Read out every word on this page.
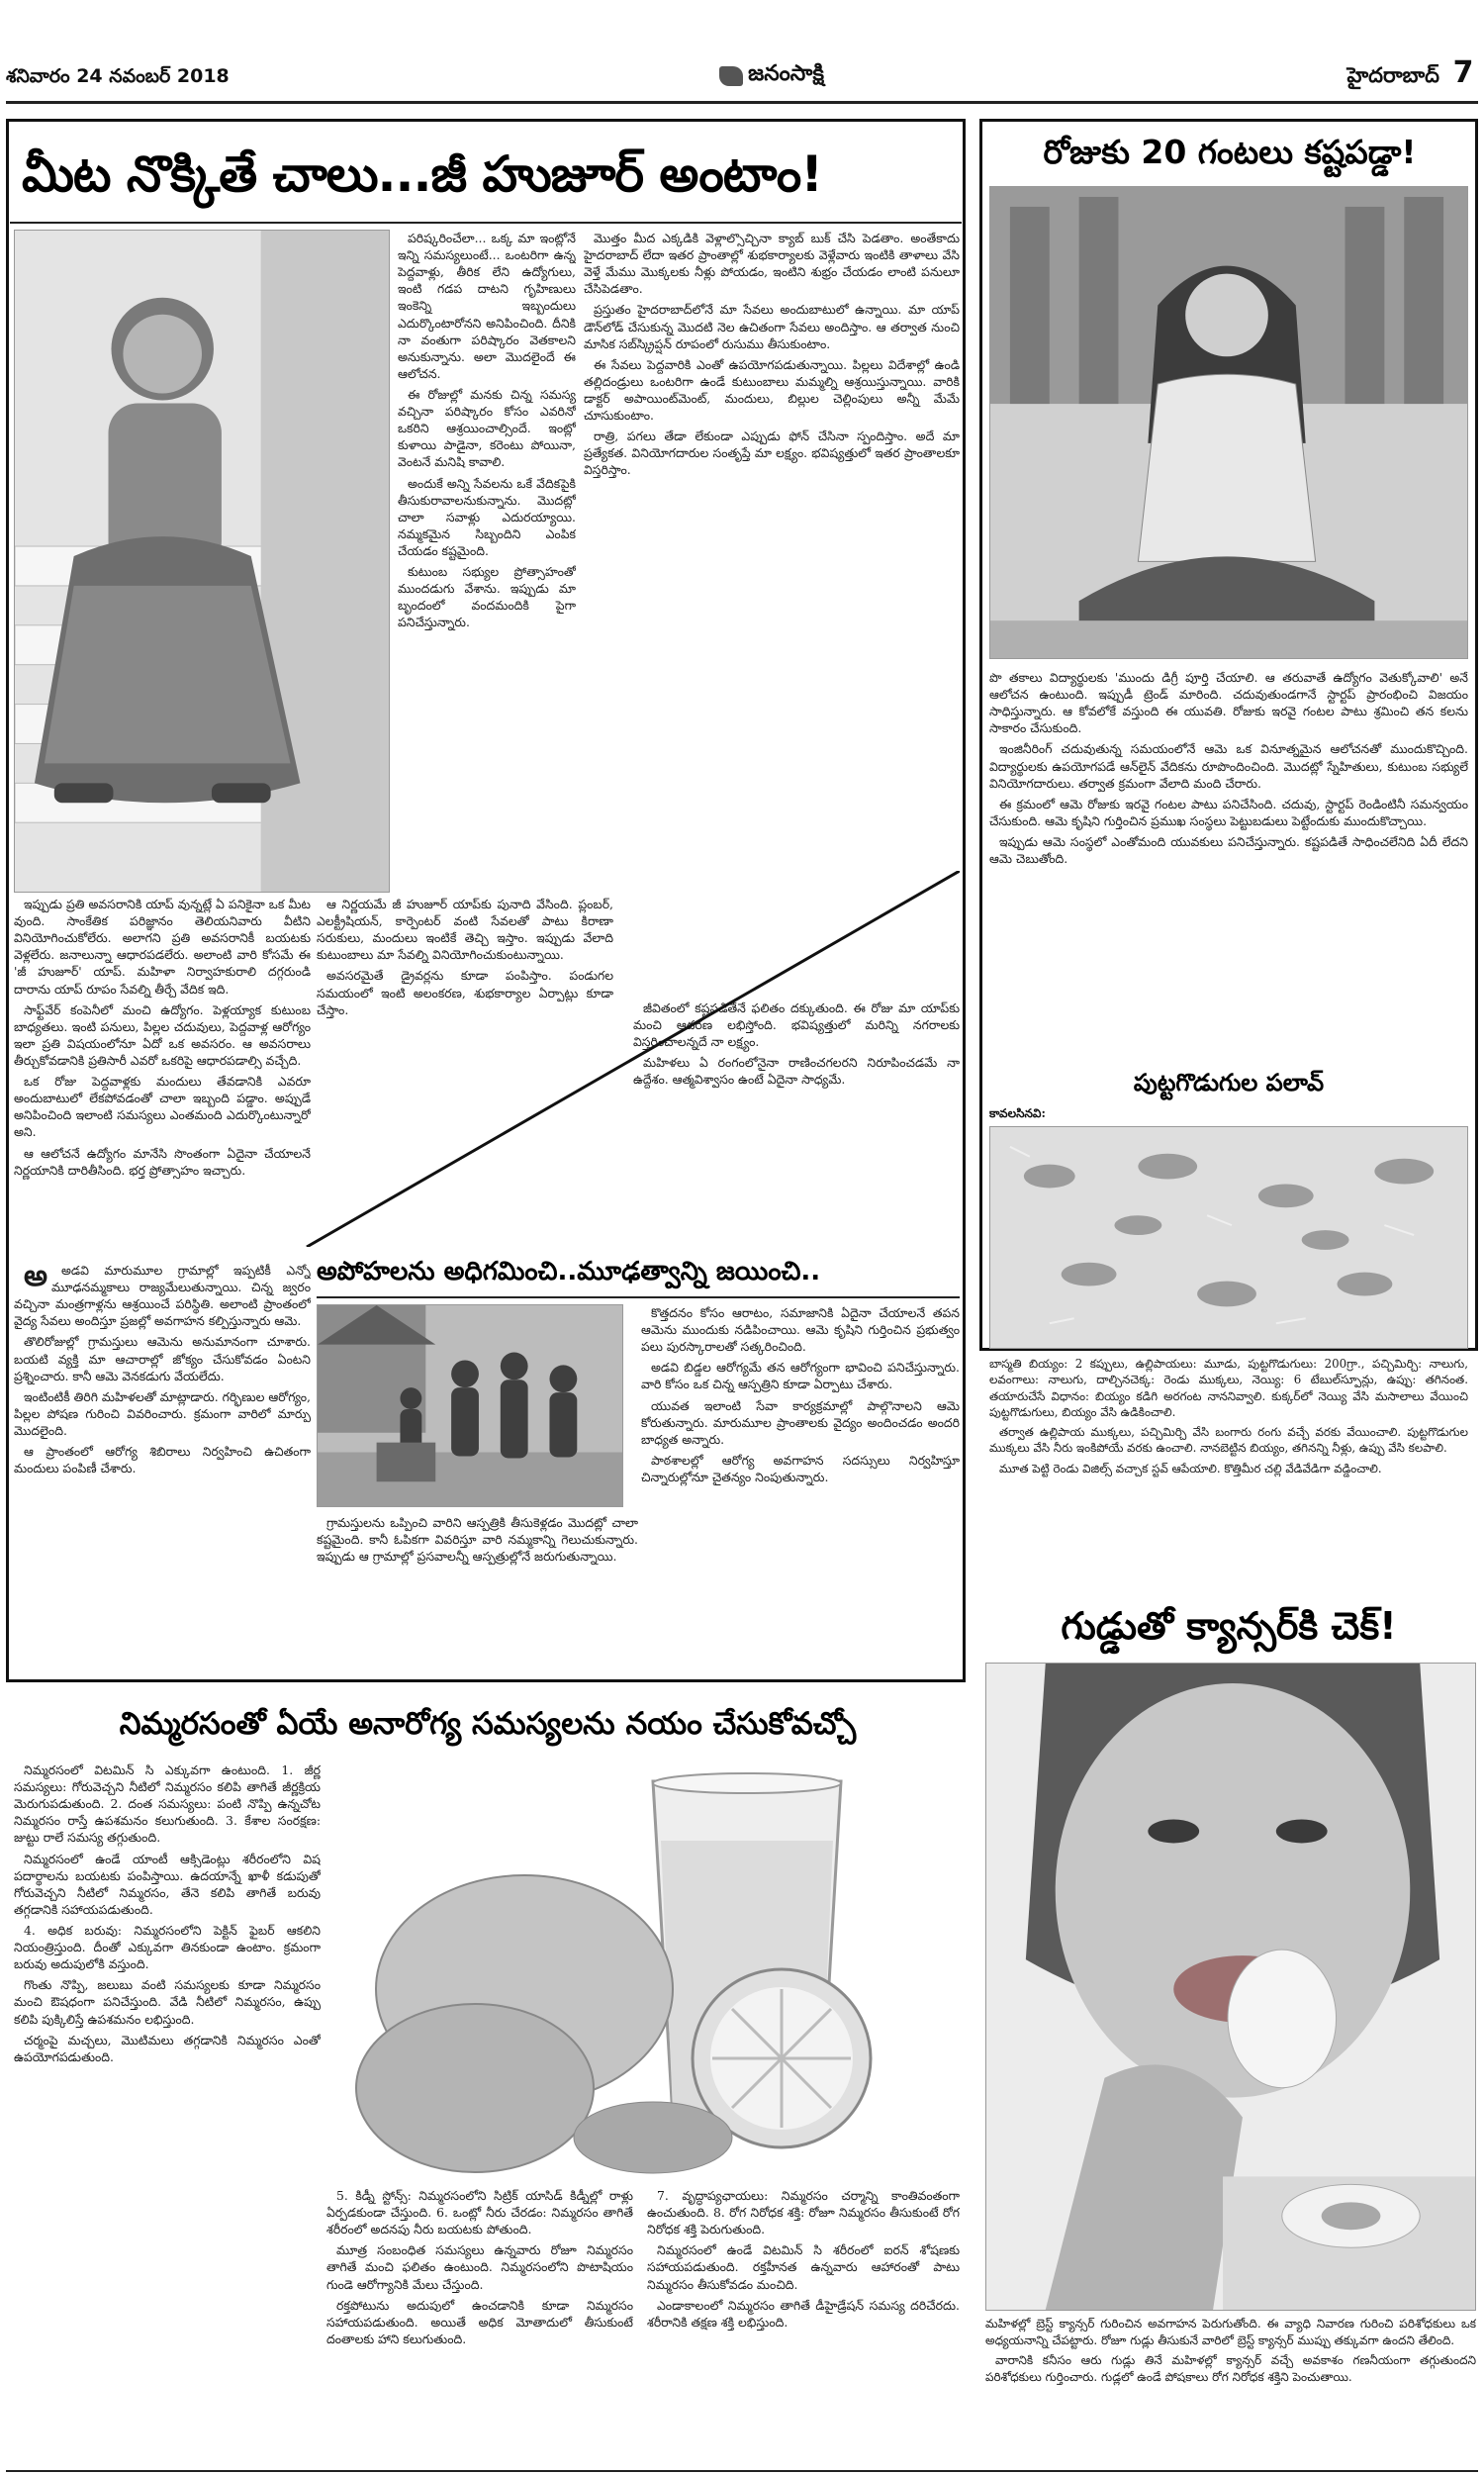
శనివారం 24 నవంబర్ 2018	జనంసాక్షి	హైదరాబాద్ 7
మీట నొక్కితే చాలు...జీ హుజూర్ అంటాం!

పరిష్కరించేలా... ఒక్క మా ఇంట్లోనే ఇన్ని సమస్యలుంటే... ఒంటరిగా ఉన్న పెద్దవాళ్లు, తీరిక లేని ఉద్యోగులు, ఇంటి గడప దాటని గృహిణులు ఇంకెన్ని ఇబ్బందులు ఎదుర్కొంటారోనని అనిపించింది. దీనికి నా వంతుగా పరిష్కారం వెతకాలని అనుకున్నాను. అలా మొదలైందే ఈ ఆలోచన.

ఈ రోజుల్లో మనకు చిన్న సమస్య వచ్చినా పరిష్కారం కోసం ఎవరినో ఒకరిని ఆశ్రయించాల్సిందే. ఇంట్లో కుళాయి పాడైనా, కరెంటు పోయినా, వెంటనే మనిషి కావాలి.

అందుకే అన్ని సేవలను ఒకే వేదికపైకి తీసుకురావాలనుకున్నాను. మొదట్లో చాలా సవాళ్లు ఎదురయ్యాయి. నమ్మకమైన సిబ్బందిని ఎంపిక చేయడం కష్టమైంది.

కుటుంబ సభ్యుల ప్రోత్సాహంతో ముందడుగు వేశాను. ఇప్పుడు మా బృందంలో వందమందికి పైగా పనిచేస్తున్నారు.

మొత్తం మీద ఎక్కడికి వెళ్లాల్సొచ్చినా క్యాబ్ బుక్ చేసి పెడతాం. అంతేకాదు హైదరాబాద్ లేదా ఇతర ప్రాంతాల్లో శుభకార్యాలకు వెళ్లేవారు ఇంటికి తాళాలు వేసి వెళ్తే మేము మొక్కలకు నీళ్లు పోయడం, ఇంటిని శుభ్రం చేయడం లాంటి పనులూ చేసిపెడతాం.

ప్రస్తుతం హైదరాబాద్‌లోనే మా సేవలు అందుబాటులో ఉన్నాయి. మా యాప్ డౌన్‌లోడ్ చేసుకున్న మొదటి నెల ఉచితంగా సేవలు అందిస్తాం. ఆ తర్వాత నుంచి మాసిక సబ్‌స్క్రిప్షన్ రూపంలో రుసుము తీసుకుంటాం.

ఈ సేవలు పెద్దవారికి ఎంతో ఉపయోగపడుతున్నాయి. పిల్లలు విదేశాల్లో ఉండి తల్లిదండ్రులు ఒంటరిగా ఉండే కుటుంబాలు మమ్మల్ని ఆశ్రయిస్తున్నాయి. వారికి డాక్టర్ అపాయింట్‌మెంట్, మందులు, బిల్లుల చెల్లింపులు అన్నీ మేమే చూసుకుంటాం.

రాత్రి, పగలు తేడా లేకుండా ఎప్పుడు ఫోన్ చేసినా స్పందిస్తాం. అదే మా ప్రత్యేకత. వినియోగదారుల సంతృప్తే మా లక్ష్యం. భవిష్యత్తులో ఇతర ప్రాంతాలకూ విస్తరిస్తాం.

ఇప్పుడు ప్రతి అవసరానికి యాప్ వున్నట్లే ఏ పనికైనా ఒక మీట వుంది. సాంకేతిక పరిజ్ఞానం తెలియనివారు వీటిని వినియోగించుకోలేరు. అలాగని ప్రతి అవసరానికీ బయటకు వెళ్లలేరు. జనాలున్నా ఆధారపడలేరు. అలాంటి వారి కోసమే ఈ 'జీ హుజూర్' యాప్. మహిళా నిర్వాహకురాలి దగ్గరుండి దారాను యాప్ రూపం సేవల్ని తీర్చే వేదిక ఇది.

సాఫ్ట్‌వేర్ కంపెనీలో మంచి ఉద్యోగం. పెళ్లయ్యాక కుటుంబ బాధ్యతలు. ఇంటి పనులు, పిల్లల చదువులు, పెద్దవాళ్ల ఆరోగ్యం ఇలా ప్రతి విషయంలోనూ ఏదో ఒక అవసరం. ఆ అవసరాలు తీర్చుకోవడానికి ప్రతిసారీ ఎవరో ఒకరిపై ఆధారపడాల్సి వచ్చేది.

ఒక రోజు పెద్దవాళ్లకు మందులు తేవడానికి ఎవరూ అందుబాటులో లేకపోవడంతో చాలా ఇబ్బంది పడ్డాం. అప్పుడే అనిపించింది ఇలాంటి సమస్యలు ఎంతమంది ఎదుర్కొంటున్నారో అని.

ఆ ఆలోచనే ఉద్యోగం మానేసి సొంతంగా ఏదైనా చేయాలనే నిర్ణయానికి దారితీసింది. భర్త ప్రోత్సాహం ఇచ్చారు.

ఆ నిర్ణయమే జీ హుజూర్ యాప్‌కు పునాది వేసింది. ప్లంబర్, ఎలక్ట్రీషియన్, కార్పెంటర్ వంటి సేవలతో పాటు కిరాణా సరుకులు, మందులు ఇంటికే తెచ్చి ఇస్తాం. ఇప్పుడు వేలాది కుటుంబాలు మా సేవల్ని వినియోగించుకుంటున్నాయి.

అవసరమైతే డ్రైవర్లను కూడా పంపిస్తాం. పండుగల సమయంలో ఇంటి అలంకరణ, శుభకార్యాల ఏర్పాట్లు కూడా చేస్తాం.	జీవితంలో కష్టపడితేనే ఫలితం దక్కుతుంది. ఈ రోజు మా యాప్‌కు మంచి ఆదరణ లభిస్తోంది. భవిష్యత్తులో మరిన్ని నగరాలకు విస్తరించాలన్నదే నా లక్ష్యం.

మహిళలు ఏ రంగంలోనైనా రాణించగలరని నిరూపించడమే నా ఉద్దేశం. ఆత్మవిశ్వాసం ఉంటే ఏదైనా సాధ్యమే.

అపోహలను అధిగమించి..మూఢత్వాన్ని జయించి..

అ అడవి మారుమూల గ్రామాల్లో ఇప్పటికీ ఎన్నో మూఢనమ్మకాలు రాజ్యమేలుతున్నాయి. చిన్న జ్వరం వచ్చినా మంత్రగాళ్లను ఆశ్రయించే పరిస్థితి. అలాంటి ప్రాంతంలో వైద్య సేవలు అందిస్తూ ప్రజల్లో అవగాహన కల్పిస్తున్నారు ఆమె.

తొలిరోజుల్లో గ్రామస్తులు ఆమెను అనుమానంగా చూశారు. బయటి వ్యక్తి మా ఆచారాల్లో జోక్యం చేసుకోవడం ఏంటని ప్రశ్నించారు. కానీ ఆమె వెనకడుగు వేయలేదు.

ఇంటింటికీ తిరిగి మహిళలతో మాట్లాడారు. గర్భిణుల ఆరోగ్యం, పిల్లల పోషణ గురించి వివరించారు. క్రమంగా వారిలో మార్పు మొదలైంది.

ఆ ప్రాంతంలో ఆరోగ్య శిబిరాలు నిర్వహించి ఉచితంగా మందులు పంపిణీ చేశారు.

గ్రామస్తులను ఒప్పించి వారిని ఆస్పత్రికి తీసుకెళ్లడం మొదట్లో చాలా కష్టమైంది. కానీ ఓపికగా వివరిస్తూ వారి నమ్మకాన్ని గెలుచుకున్నారు. ఇప్పుడు ఆ గ్రామాల్లో ప్రసవాలన్నీ ఆస్పత్రుల్లోనే జరుగుతున్నాయి.

కొత్తదనం కోసం ఆరాటం, సమాజానికి ఏదైనా చేయాలనే తపన ఆమెను ముందుకు నడిపించాయి. ఆమె కృషిని గుర్తించిన ప్రభుత్వం పలు పురస్కారాలతో సత్కరించింది.

అడవి బిడ్డల ఆరోగ్యమే తన ఆరోగ్యంగా భావించి పనిచేస్తున్నారు. వారి కోసం ఒక చిన్న ఆస్పత్రిని కూడా ఏర్పాటు చేశారు.

యువత ఇలాంటి సేవా కార్యక్రమాల్లో పాల్గొనాలని ఆమె కోరుతున్నారు. మారుమూల ప్రాంతాలకు వైద్యం అందించడం అందరి బాధ్యత అన్నారు.

పాఠశాలల్లో ఆరోగ్య అవగాహన సదస్సులు నిర్వహిస్తూ చిన్నారుల్లోనూ చైతన్యం నింపుతున్నారు.

రోజుకు 20 గంటలు కష్టపడ్డా!

పొ తకాలు విద్యార్థులకు 'ముందు డిగ్రీ పూర్తి చేయాలి. ఆ తరువాతే ఉద్యోగం వెతుక్కోవాలి' అనే ఆలోచన ఉంటుంది. ఇప్పుడీ ట్రెండ్ మారింది. చదువుతుండగానే స్టార్టప్ ప్రారంభించి విజయం సాధిస్తున్నారు. ఆ కోవలోకే వస్తుంది ఈ యువతి. రోజుకు ఇరవై గంటల పాటు శ్రమించి తన కలను సాకారం చేసుకుంది.

ఇంజినీరింగ్ చదువుతున్న సమయంలోనే ఆమె ఒక వినూత్నమైన ఆలోచనతో ముందుకొచ్చింది. విద్యార్థులకు ఉపయోగపడే ఆన్‌లైన్ వేదికను రూపొందించింది. మొదట్లో స్నేహితులు, కుటుంబ సభ్యులే వినియోగదారులు. తర్వాత క్రమంగా వేలాది మంది చేరారు.

ఈ క్రమంలో ఆమె రోజుకు ఇరవై గంటల పాటు పనిచేసింది. చదువు, స్టార్టప్ రెండింటినీ సమన్వయం చేసుకుంది. ఆమె కృషిని గుర్తించిన ప్రముఖ సంస్థలు పెట్టుబడులు పెట్టేందుకు ముందుకొచ్చాయి.

ఇప్పుడు ఆమె సంస్థలో ఎంతోమంది యువకులు పనిచేస్తున్నారు. కష్టపడితే సాధించలేనిది ఏదీ లేదని ఆమె చెబుతోంది.

పుట్టగొడుగుల పలావ్
కావలసినవి:

బాస్మతి బియ్యం: 2 కప్పులు, ఉల్లిపాయలు: మూడు, పుట్టగొడుగులు: 200గ్రా., పచ్చిమిర్చి: నాలుగు, లవంగాలు: నాలుగు, దాల్చినచెక్క: రెండు ముక్కలు, నెయ్యి: 6 టేబుల్‌స్పూన్లు, ఉప్పు: తగినంత. తయారుచేసే విధానం: బియ్యం కడిగి అరగంట నాననివ్వాలి. కుక్కర్‌లో నెయ్యి వేసి మసాలాలు వేయించి పుట్టగొడుగులు, బియ్యం వేసి ఉడికించాలి.

తర్వాత ఉల్లిపాయ ముక్కలు, పచ్చిమిర్చి వేసి బంగారు రంగు వచ్చే వరకు వేయించాలి. పుట్టగొడుగుల ముక్కలు వేసి నీరు ఇంకిపోయే వరకు ఉంచాలి. నానబెట్టిన బియ్యం, తగినన్ని నీళ్లు, ఉప్పు వేసి కలపాలి.

మూత పెట్టి రెండు విజిల్స్ వచ్చాక స్టవ్ ఆపేయాలి. కొత్తిమీర చల్లి వేడివేడిగా వడ్డించాలి.

గుడ్డుతో క్యాన్సర్‌కి చెక్!

మహిళల్లో బ్రెస్ట్ క్యాన్సర్ గురించిన అవగాహన పెరుగుతోంది. ఈ వ్యాధి నివారణ గురించి పరిశోధకులు ఒక అధ్యయనాన్ని చేపట్టారు. రోజూ గుడ్లు తీసుకునే వారిలో బ్రెస్ట్ క్యాన్సర్ ముప్పు తక్కువగా ఉందని తేలింది.

వారానికి కనీసం ఆరు గుడ్లు తినే మహిళల్లో క్యాన్సర్ వచ్చే అవకాశం గణనీయంగా తగ్గుతుందని పరిశోధకులు గుర్తించారు. గుడ్లలో ఉండే పోషకాలు రోగ నిరోధక శక్తిని పెంచుతాయి.

నిమ్మరసంతో ఏయే అనారోగ్య సమస్యలను నయం చేసుకోవచ్చో

నిమ్మరసంలో విటమిన్ సి ఎక్కువగా ఉంటుంది. 1. జీర్ణ సమస్యలు: గోరువెచ్చని నీటిలో నిమ్మరసం కలిపి తాగితే జీర్ణక్రియ మెరుగుపడుతుంది. 2. దంత సమస్యలు: పంటి నొప్పి ఉన్నచోట నిమ్మరసం రాస్తే ఉపశమనం కలుగుతుంది. 3. కేశాల సంరక్షణ: జుట్టు రాలే సమస్య తగ్గుతుంది.

నిమ్మరసంలో ఉండే యాంటీ ఆక్సిడెంట్లు శరీరంలోని విష పదార్థాలను బయటకు పంపిస్తాయి. ఉదయాన్నే ఖాళీ కడుపుతో గోరువెచ్చని నీటిలో నిమ్మరసం, తేనె కలిపి తాగితే బరువు తగ్గడానికి సహాయపడుతుంది.

4. అధిక బరువు: నిమ్మరసంలోని పెక్టిన్ ఫైబర్ ఆకలిని నియంత్రిస్తుంది. దీంతో ఎక్కువగా తినకుండా ఉంటాం. క్రమంగా బరువు అదుపులోకి వస్తుంది.

గొంతు నొప్పి, జలుబు వంటి సమస్యలకు కూడా నిమ్మరసం మంచి ఔషధంగా పనిచేస్తుంది. వేడి నీటిలో నిమ్మరసం, ఉప్పు కలిపి పుక్కిలిస్తే ఉపశమనం లభిస్తుంది.

చర్మంపై మచ్చలు, మొటిమలు తగ్గడానికి నిమ్మరసం ఎంతో ఉపయోగపడుతుంది.

5. కిడ్నీ స్టోన్స్: నిమ్మరసంలోని సిట్రిక్ యాసిడ్ కిడ్నీల్లో రాళ్లు ఏర్పడకుండా చేస్తుంది. 6. ఒంట్లో నీరు చేరడం: నిమ్మరసం తాగితే శరీరంలో అదనపు నీరు బయటకు పోతుంది.

మూత్ర సంబంధిత సమస్యలు ఉన్నవారు రోజూ నిమ్మరసం తాగితే మంచి ఫలితం ఉంటుంది. నిమ్మరసంలోని పొటాషియం గుండె ఆరోగ్యానికి మేలు చేస్తుంది.

రక్తపోటును అదుపులో ఉంచడానికి కూడా నిమ్మరసం సహాయపడుతుంది. అయితే అధిక మోతాదులో తీసుకుంటే దంతాలకు హాని కలుగుతుంది.

7. వృద్ధాప్యఛాయలు: నిమ్మరసం చర్మాన్ని కాంతివంతంగా ఉంచుతుంది. 8. రోగ నిరోధక శక్తి: రోజూ నిమ్మరసం తీసుకుంటే రోగ నిరోధక శక్తి పెరుగుతుంది.

నిమ్మరసంలో ఉండే విటమిన్ సి శరీరంలో ఐరన్ శోషణకు సహాయపడుతుంది. రక్తహీనత ఉన్నవారు ఆహారంతో పాటు నిమ్మరసం తీసుకోవడం మంచిది.

ఎండాకాలంలో నిమ్మరసం తాగితే డీహైడ్రేషన్ సమస్య దరిచేరదు. శరీరానికి తక్షణ శక్తి లభిస్తుంది.
